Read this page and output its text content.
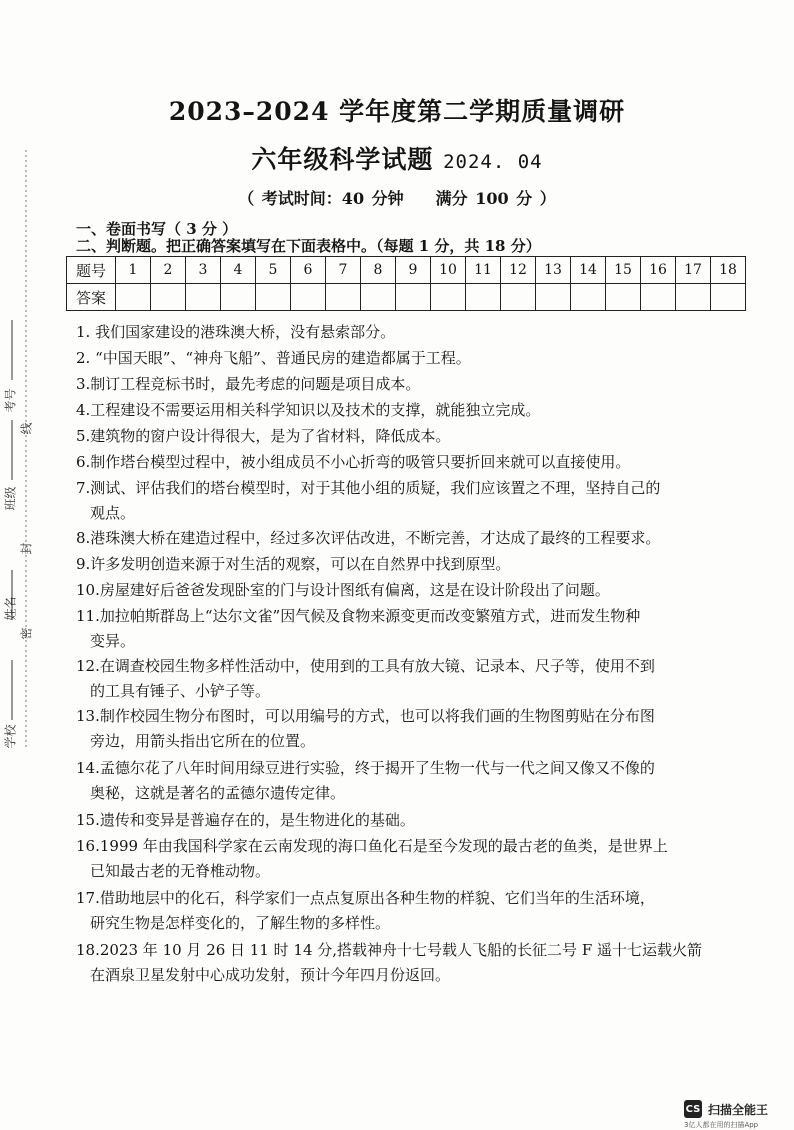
考号
线
班级
封
姓名
密
学校
2023–2024 学年度第二学期质量调研
六年级科学试题 2024. 04
（ 考试时间：40 分钟　　满分 100 分 ）
一、卷面书写（ 3 分 ）
二、判断题。把正确答案填写在下面表格中。（每题 1 分，共 18 分）
题号	1	2	3	4	5	6	7	8	9	10	11	12	13	14	15	16	17	18
答案																		
1. 我们国家建设的港珠澳大桥，没有悬索部分。
2. “中国天眼”、“神舟飞船”、普通民房的建造都属于工程。
3.制订工程竞标书时，最先考虑的问题是项目成本。
4.工程建设不需要运用相关科学知识以及技术的支撑，就能独立完成。
5.建筑物的窗户设计得很大，是为了省材料，降低成本。
6.制作塔台模型过程中，被小组成员不小心折弯的吸管只要折回来就可以直接使用。
7.测试、评估我们的塔台模型时，对于其他小组的质疑，我们应该置之不理，坚持自己的
观点。
8.港珠澳大桥在建造过程中，经过多次评估改进，不断完善，才达成了最终的工程要求。
9.许多发明创造来源于对生活的观察，可以在自然界中找到原型。
10.房屋建好后爸爸发现卧室的门与设计图纸有偏离，这是在设计阶段出了问题。
11.加拉帕斯群岛上“达尔文雀”因气候及食物来源变更而改变繁殖方式，进而发生物种
变异。
12.在调查校园生物多样性活动中，使用到的工具有放大镜、记录本、尺子等，使用不到
的工具有锤子、小铲子等。
13.制作校园生物分布图时，可以用编号的方式，也可以将我们画的生物图剪贴在分布图
旁边，用箭头指出它所在的位置。
14.孟德尔花了八年时间用绿豆进行实验，终于揭开了生物一代与一代之间又像又不像的
奥秘，这就是著名的孟德尔遗传定律。
15.遗传和变异是普遍存在的，是生物进化的基础。
16.1999 年由我国科学家在云南发现的海口鱼化石是至今发现的最古老的鱼类，是世界上
已知最古老的无脊椎动物。
17.借助地层中的化石，科学家们一点点复原出各种生物的样貌、它们当年的生活环境，
研究生物是怎样变化的，了解生物的多样性。
18.2023 年 10 月 26 日 11 时 14 分,搭载神舟十七号载人飞船的长征二号 F 遥十七运载火箭
在酒泉卫星发射中心成功发射，预计今年四月份返回。
CS 扫描全能王
3亿人都在用的扫描App
